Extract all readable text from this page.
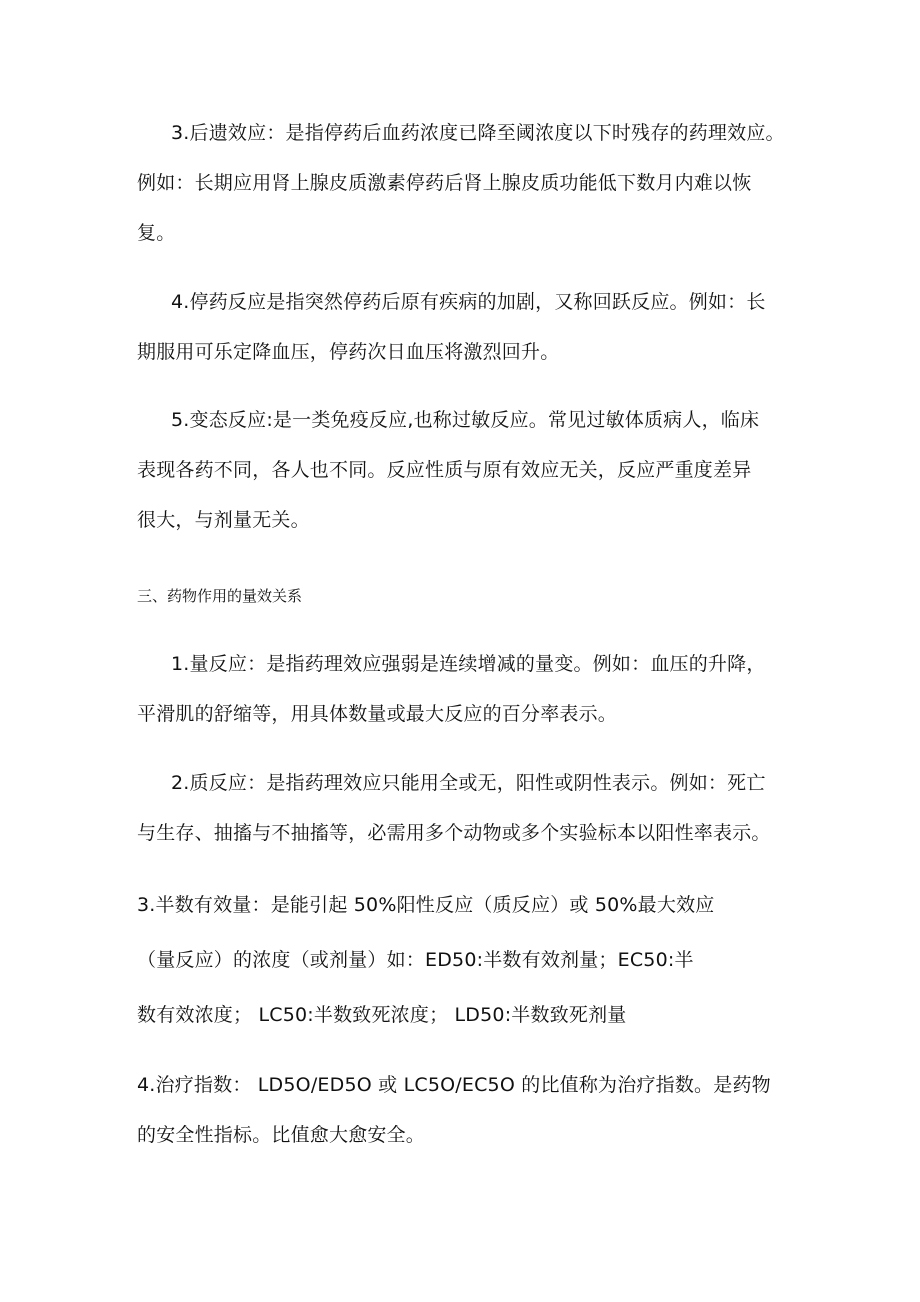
3.后遗效应：是指停药后血药浓度已降至阈浓度以下时残存的药理效应。
例如：长期应用肾上腺皮质激素停药后肾上腺皮质功能低下数月内难以恢
复。
4.停药反应是指突然停药后原有疾病的加剧，又称回跃反应。例如：长
期服用可乐定降血压，停药次日血压将激烈回升。
5.变态反应:是一类免疫反应,也称过敏反应。常见过敏体质病人，临床
表现各药不同，各人也不同。反应性质与原有效应无关，反应严重度差异
很大，与剂量无关。
三、药物作用的量效关系
1.量反应：是指药理效应强弱是连续增减的量变。例如：血压的升降，
平滑肌的舒缩等，用具体数量或最大反应的百分率表示。
2.质反应：是指药理效应只能用全或无，阳性或阴性表示。例如：死亡
与生存、抽搐与不抽搐等，必需用多个动物或多个实验标本以阳性率表示。
3.半数有效量：是能引起 50%阳性反应（质反应）或 50%最大效应
（量反应）的浓度（或剂量）如：ED50:半数有效剂量；EC50:半
数有效浓度； LC50:半数致死浓度； LD50:半数致死剂量
4.治疗指数： LD5O/ED5O 或 LC5O/EC5O 的比值称为治疗指数。是药物
的安全性指标。比值愈大愈安全。
